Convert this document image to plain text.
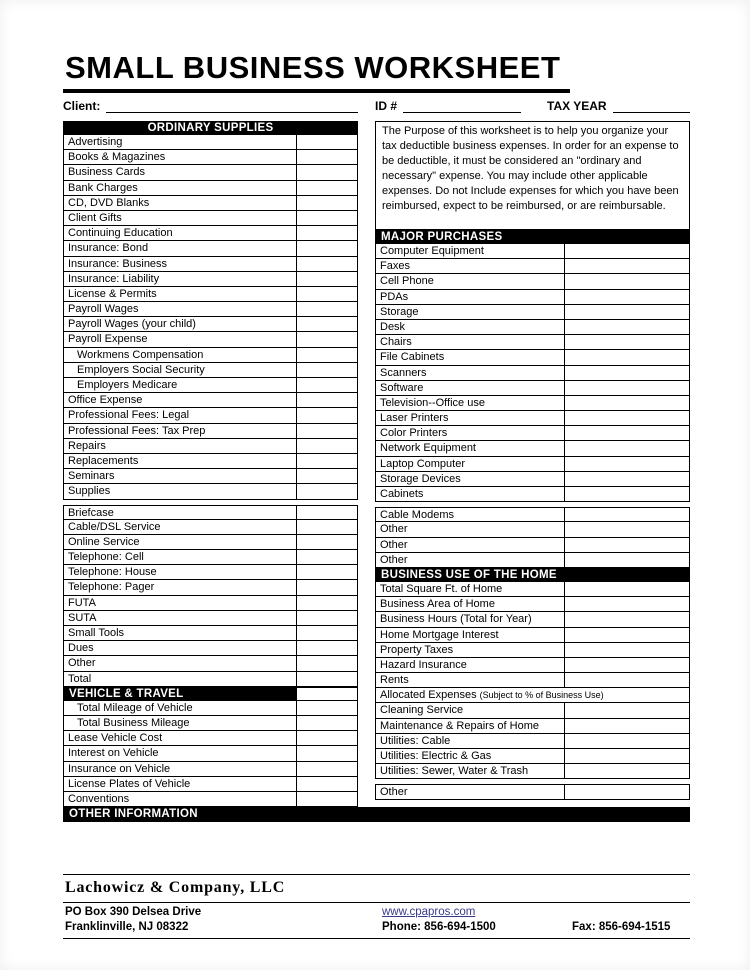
SMALL BUSINESS WORKSHEET
Client:	ID #	TAX YEAR
ORDINARY SUPPLIES
Advertising
Books & Magazines
Business Cards
Bank Charges
CD, DVD Blanks
Client Gifts
Continuing Education
Insurance: Bond
Insurance: Business
Insurance: Liability
License & Permits
Payroll Wages
Payroll Wages (your child)
Payroll Expense
Workmens Compensation
Employers Social Security
Employers Medicare
Office Expense
Professional Fees: Legal
Professional Fees: Tax Prep
Repairs
Replacements
Seminars
Supplies
Briefcase
Cable/DSL Service
Online Service
Telephone: Cell
Telephone: House
Telephone: Pager
FUTA
SUTA
Small Tools
Dues
Other
Total
VEHICLE & TRAVEL
Total Mileage of Vehicle
Total Business Mileage
Lease Vehicle Cost
Interest on Vehicle
Insurance on Vehicle
License Plates of Vehicle
Conventions
The Purpose of this worksheet is to help you organize your tax deductible business expenses. In order for an expense to be deductible, it must be considered an "ordinary and necessary" expense. You may include other applicable expenses. Do not Include expenses for which you have been reimbursed, expect to be reimbursed, or are reimbursable.
MAJOR PURCHASES
Computer Equipment
Faxes
Cell Phone
PDAs
Storage
Desk
Chairs
File Cabinets
Scanners
Software
Television--Office use
Laser Printers
Color Printers
Network Equipment
Laptop Computer
Storage Devices
Cabinets
Cable Modems
Other
Other
Other
BUSINESS USE OF THE HOME
Total Square Ft. of Home
Business Area of Home
Business Hours (Total for Year)
Home Mortgage Interest
Property Taxes
Hazard Insurance
Rents
Allocated Expenses (Subject to % of Business Use)
Cleaning Service
Maintenance & Repairs of Home
Utilities: Cable
Utilities: Electric & Gas
Utilities: Sewer, Water & Trash
Other
OTHER INFORMATION
Lachowicz & Company, LLC
PO Box 390 Delsea Drive	www.cpapros.com
Franklinville, NJ 08322	Phone: 856-694-1500	Fax: 856-694-1515
